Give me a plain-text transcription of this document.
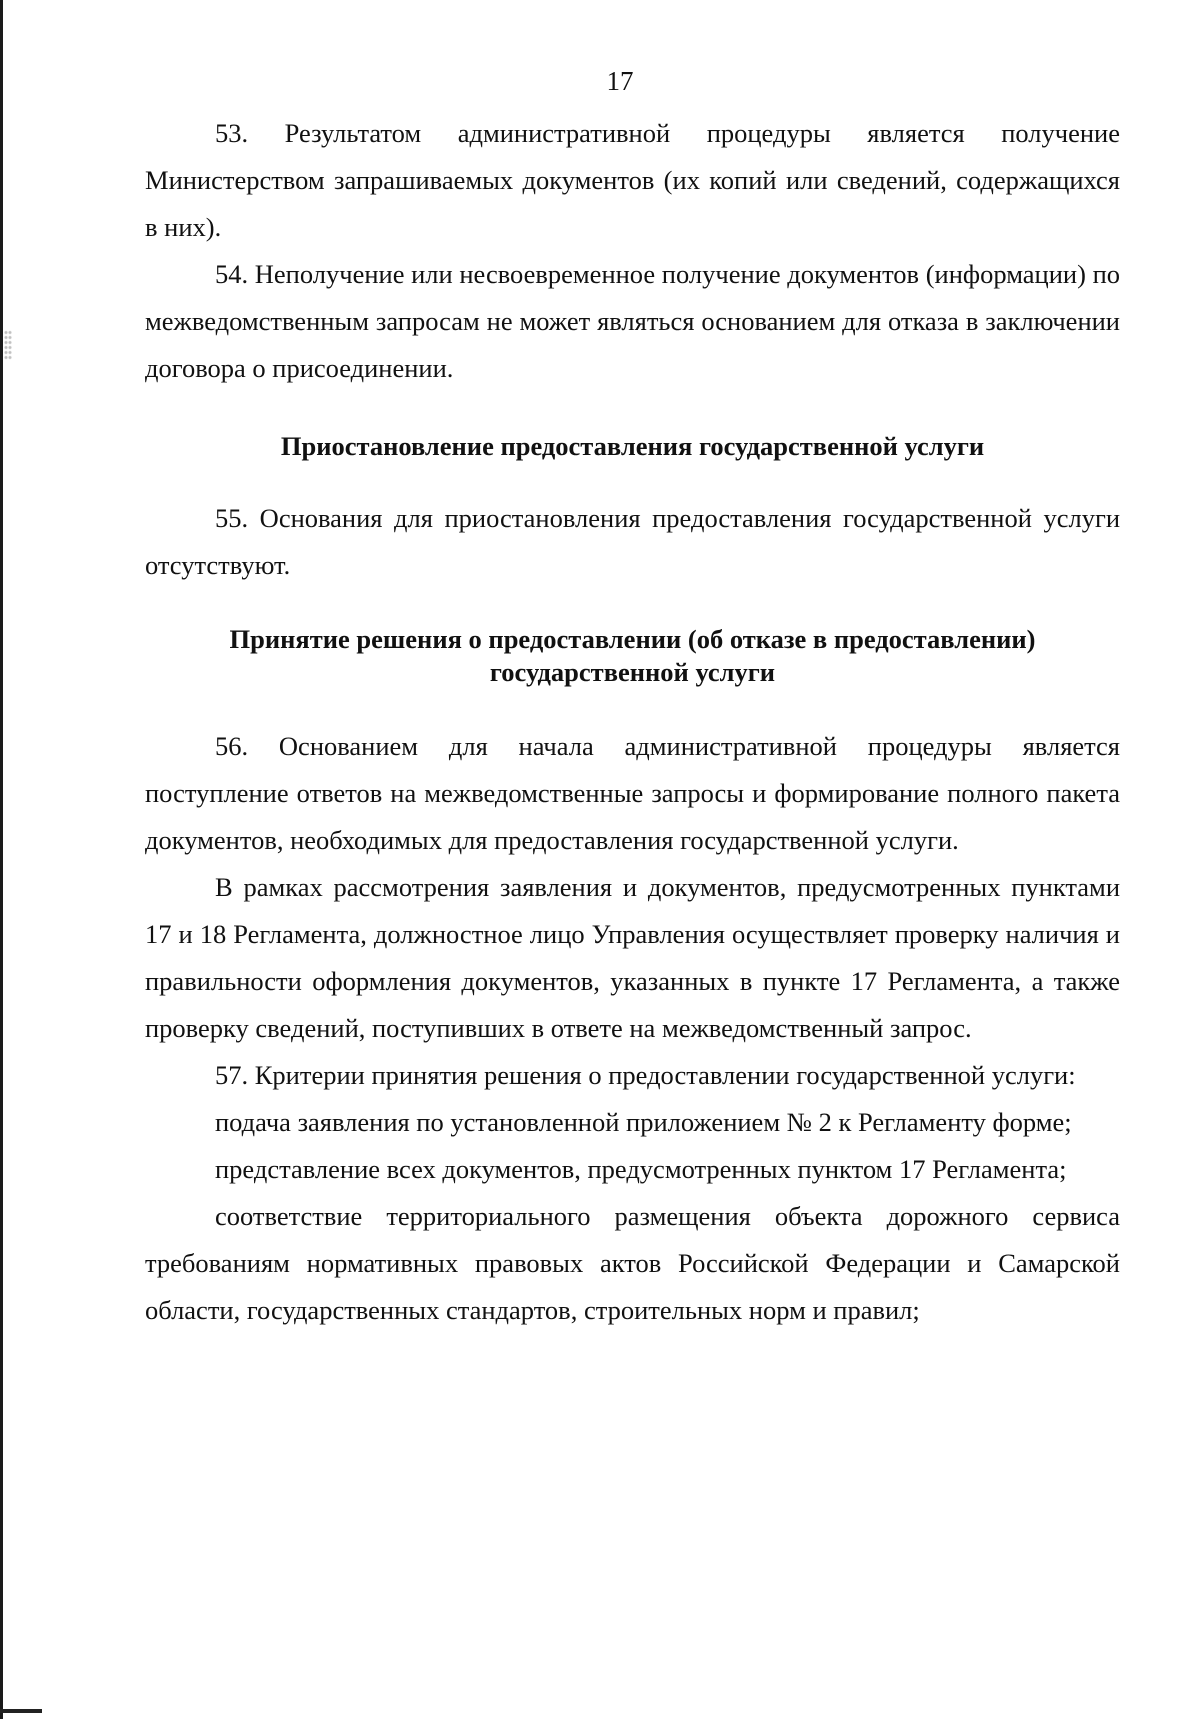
17

53. Результатом административной процедуры является получение Министерством запрашиваемых документов (их копий или сведений, содержащихся в них).

54. Неполучение или несвоевременное получение документов (информации) по межведомственным запросам не может являться основанием для отказа в заключении договора о присоединении.

Приостановление предоставления государственной услуги

55. Основания для приостановления предоставления государственной услуги отсутствуют.

Принятие решения о предоставлении (об отказе в предоставлении)
государственной услуги

56. Основанием для начала административной процедуры является поступление ответов на межведомственные запросы и формирование полного пакета документов, необходимых для предоставления государственной услуги.

В рамках рассмотрения заявления и документов, предусмотренных пунктами 17 и 18 Регламента, должностное лицо Управления осуществляет проверку наличия и правильности оформления документов, указанных в пункте 17 Регламента, а также проверку сведений, поступивших в ответе на межведомственный запрос.

57. Критерии принятия решения о предоставлении государственной услуги:

подача заявления по установленной приложением № 2 к Регламенту форме;

представление всех документов, предусмотренных пунктом 17 Регламента;

соответствие территориального размещения объекта дорожного сервиса требованиям нормативных правовых актов Российской Федерации и Самарской области, государственных стандартов, строительных норм и правил;
